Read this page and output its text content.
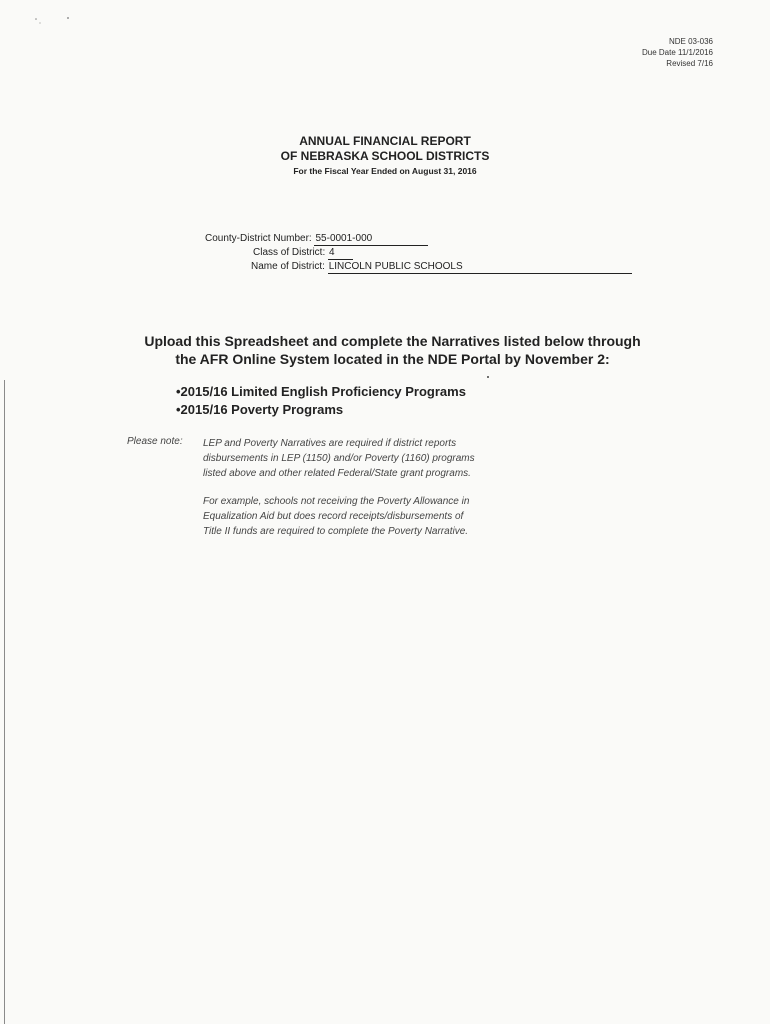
NDE 03-036
Due Date 11/1/2016
Revised 7/16
ANNUAL FINANCIAL REPORT
OF NEBRASKA SCHOOL DISTRICTS
For the Fiscal Year Ended on August 31, 2016
County-District Number: 55-0001-000
Class of District: 4
Name of District: LINCOLN PUBLIC SCHOOLS
Upload this Spreadsheet and complete the Narratives listed below through
the AFR Online System located in the NDE Portal by November 2:
•2015/16 Limited English Proficiency Programs
•2015/16 Poverty Programs
Please note: LEP and Poverty Narratives are required if district reports
disbursements in LEP (1150) and/or Poverty (1160) programs
listed above and other related Federal/State grant programs.
For example, schools not receiving the Poverty Allowance in
Equalization Aid but does record receipts/disbursements of
Title II funds are required to complete the Poverty Narrative.
